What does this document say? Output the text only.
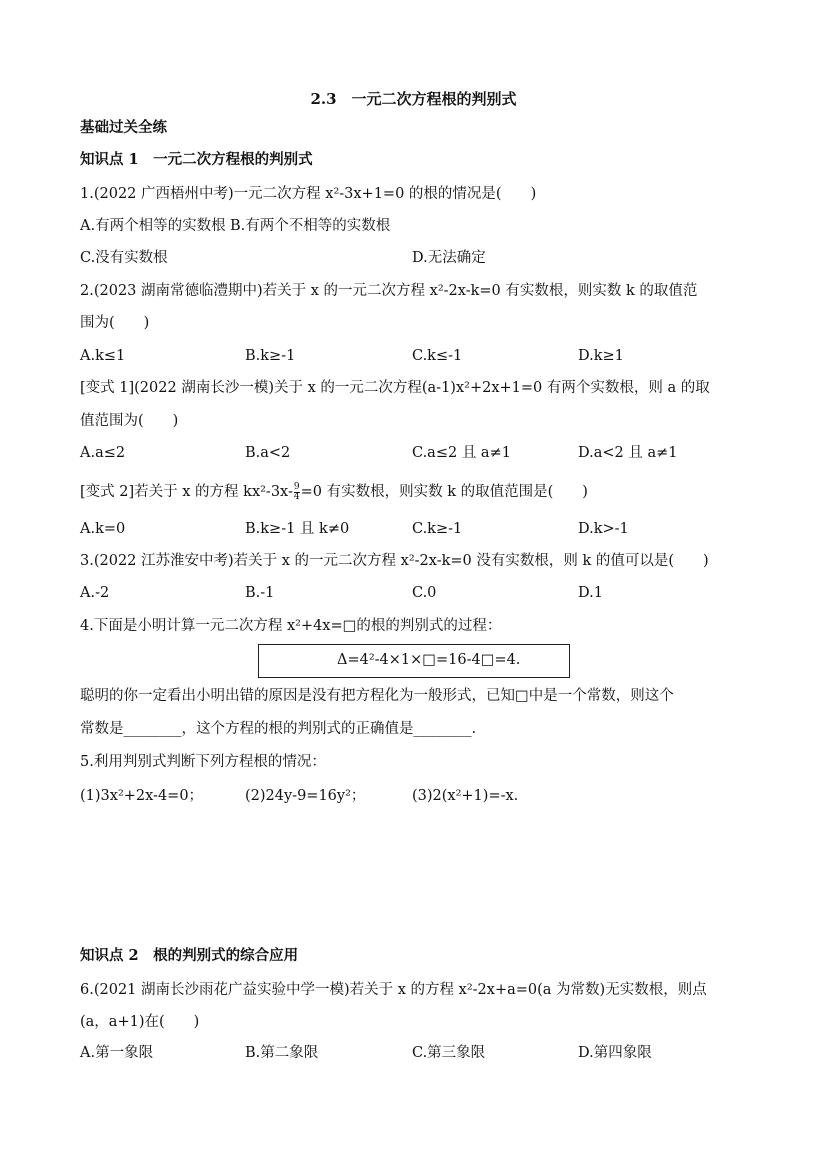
2.3　一元二次方程根的判别式
基础过关全练
知识点 1　一元二次方程根的判别式
1.(2022 广西梧州中考)一元二次方程 x²-3x+1=0 的根的情况是(　　)
A.有两个相等的实数根 B.有两个不相等的实数根
C.没有实数根	D.无法确定
2.(2023 湖南常德临澧期中)若关于 x 的一元二次方程 x²-2x-k=0 有实数根，则实数 k 的取值范
围为(　　)
A.k≤1	B.k≥-1	C.k≤-1	D.k≥1
[变式 1](2022 湖南长沙一模)关于 x 的一元二次方程(a-1)x²+2x+1=0 有两个实数根，则 a 的取
值范围为(　　)
A.a≤2	B.a<2	C.a≤2 且 a≠1	D.a<2 且 a≠1
[变式 2]若关于 x 的方程 $kx^2-3x- \frac{9}{4} =0$ 有实数根，则实数 k 的取值范围是(　　)
A.k=0	B.k≥-1 且 k≠0	C.k≥-1	D.k>-1
3.(2022 江苏淮安中考)若关于 x 的一元二次方程 x²-2x-k=0 没有实数根，则 k 的值可以是(　　)
A.-2	B.-1	C.0	D.1
4.下面是小明计算一元二次方程 x²+4x=□的根的判别式的过程：
Δ=4²-4×1×□=16-4□=4.
聪明的你一定看出小明出错的原因是没有把方程化为一般形式，已知□中是一个常数，则这个
常数是________，这个方程的根的判别式的正确值是________.
5.利用判别式判断下列方程根的情况：
(1)3x²+2x-4=0；	(2)24y-9=16y²；	(3)2(x²+1)=-x.
知识点 2　根的判别式的综合应用
6.(2021 湖南长沙雨花广益实验中学一模)若关于 x 的方程 x²-2x+a=0(a 为常数)无实数根，则点
(a，a+1)在(　　)
A.第一象限	B.第二象限	C.第三象限	D.第四象限
